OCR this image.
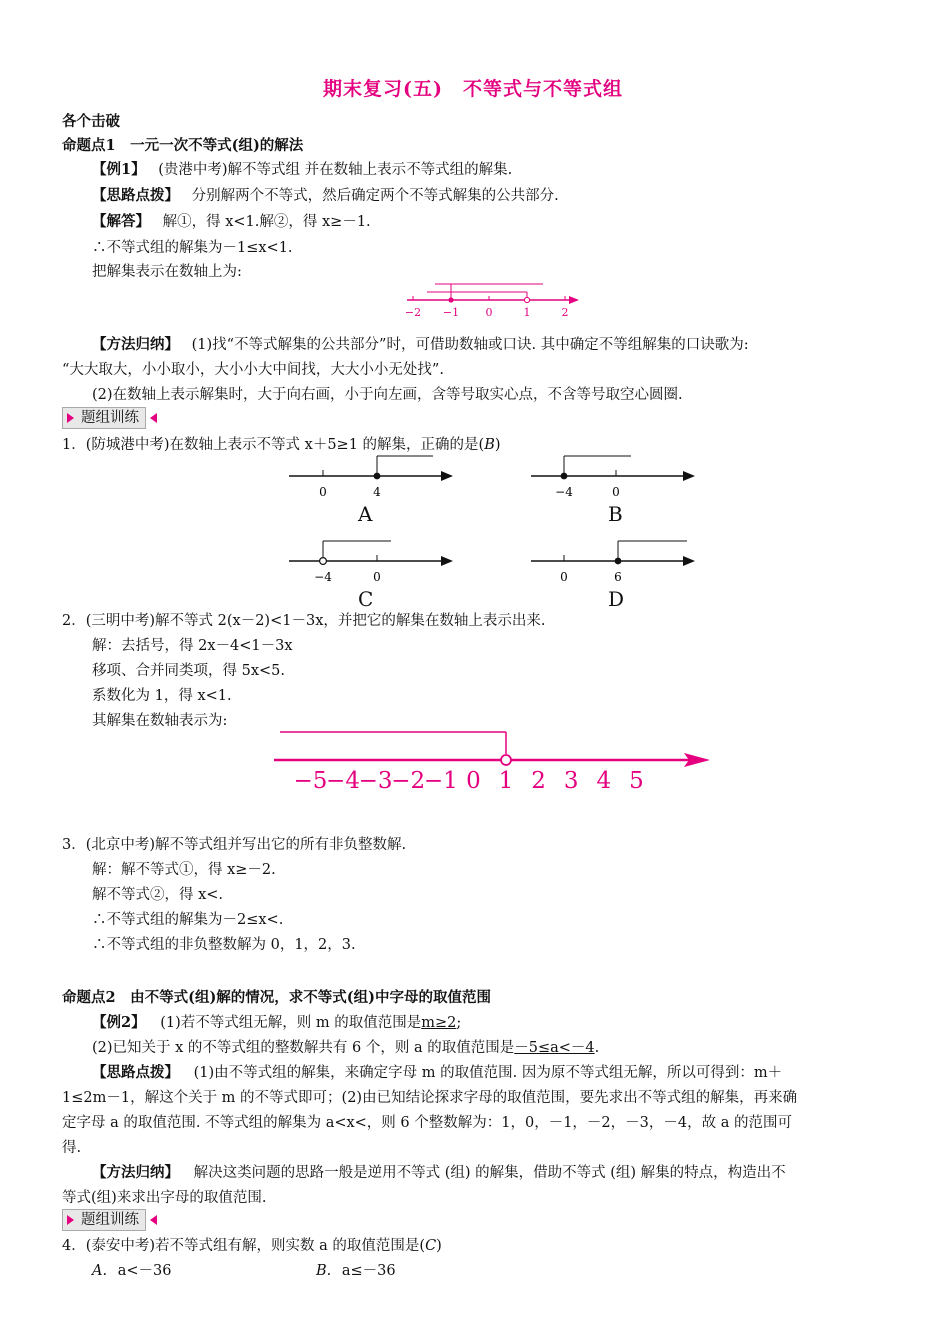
期末复习(五)　不等式与不等式组
各个击破
命题点1　一元一次不等式(组)的解法
【例1】 (贵港中考)解不等式组 并在数轴上表示不等式组的解集.
【思路点拨】 分别解两个不等式，然后确定两个不等式解集的公共部分.
【解答】 解①，得 x<1.解②，得 x≥－1.
∴不等式组的解集为－1≤x<1.
把解集表示在数轴上为:
−2 −1 0	1	2
【方法归纳】 (1)找“不等式解集的公共部分”时，可借助数轴或口诀. 其中确定不等组解集的口诀歌为:
“大大取大，小小取小，大小小大中间找，大大小小无处找”.
(2)在数轴上表示解集时，大于向右画，小于向左画，含等号取实心点，不含等号取空心圆圈.
题组训练
1．(防城港中考)在数轴上表示不等式 x＋5≥1 的解集，正确的是(B)
0	4
A
−4	0
B
−4	0
C
0	6
D
2．(三明中考)解不等式 2(x－2)<1－3x，并把它的解集在数轴上表示出来.
解：去括号，得 2x－4<1－3x
移项、合并同类项，得 5x<5.
系数化为 1，得 x<1.
其解集在数轴表示为:
−5
−4
−3
−2
−1 0 1 2 3 4 5
3．(北京中考)解不等式组并写出它的所有非负整数解.
解：解不等式①，得 x≥－2.
解不等式②，得 x<.
∴不等式组的解集为－2≤x<.
∴不等式组的非负整数解为 0，1，2，3.
命题点2　由不等式(组)解的情况，求不等式(组)中字母的取值范围
【例2】 (1)若不等式组无解，则 m 的取值范围是m≥2;
(2)已知关于 x 的不等式组的整数解共有 6 个，则 a 的取值范围是－5≤a<－4.
【思路点拨】 (1)由不等式组的解集，来确定字母 m 的取值范围. 因为原不等式组无解，所以可得到：m＋
1≤2m－1，解这个关于 m 的不等式即可；(2)由已知结论探求字母的取值范围，要先求出不等式组的解集，再来确
定字母 a 的取值范围. 不等式组的解集为 a<x<，则 6 个整数解为：1，0，－1，－2，－3，－4，故 a 的范围可
得.
【方法归纳】 解决这类问题的思路一般是逆用不等式 (组) 的解集，借助不等式 (组) 解集的特点，构造出不
等式(组)来求出字母的取值范围.
题组训练
4．(泰安中考)若不等式组有解，则实数 a 的取值范围是(C)
A. a<－36	B. a≤－36
